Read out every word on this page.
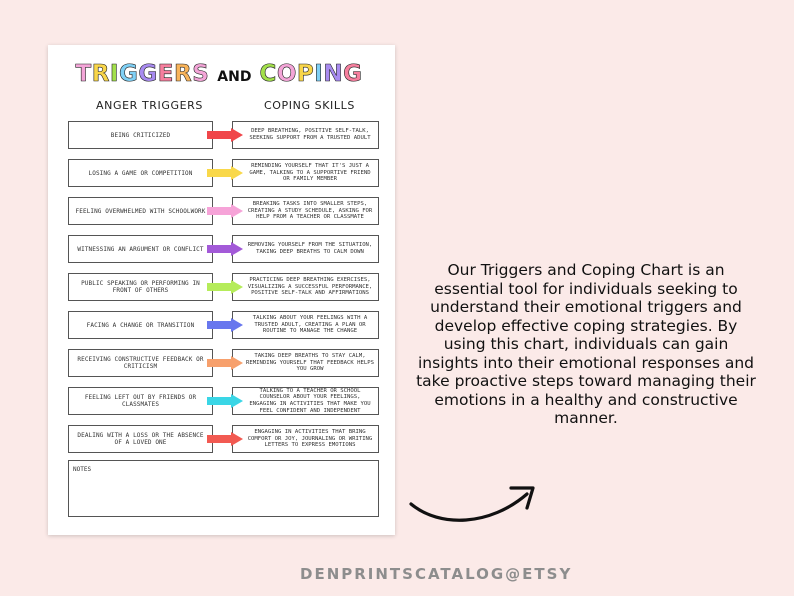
TRIGGERS AND COPING
ANGER TRIGGERS	COPING SKILLS
BEING CRITICIZED
DEEP BREATHING, POSITIVE SELF-TALK, SEEKING SUPPORT FROM A TRUSTED ADULT
LOSING A GAME OR COMPETITION
REMINDING YOURSELF THAT IT'S JUST A GAME, TALKING TO A SUPPORTIVE FRIEND OR FAMILY MEMBER
FEELING OVERWHELMED WITH SCHOOLWORK
BREAKING TASKS INTO SMALLER STEPS, CREATING A STUDY SCHEDULE, ASKING FOR HELP FROM A TEACHER OR CLASSMATE
WITNESSING AN ARGUMENT OR CONFLICT
REMOVING YOURSELF FROM THE SITUATION, TAKING DEEP BREATHS TO CALM DOWN
PUBLIC SPEAKING OR PERFORMING IN FRONT OF OTHERS
PRACTICING DEEP BREATHING EXERCISES, VISUALIZING A SUCCESSFUL PERFORMANCE, POSITIVE SELF-TALK AND AFFIRMATIONS
FACING A CHANGE OR TRANSITION
TALKING ABOUT YOUR FEELINGS WITH A TRUSTED ADULT, CREATING A PLAN OR ROUTINE TO MANAGE THE CHANGE
RECEIVING CONSTRUCTIVE FEEDBACK OR CRITICISM
TAKING DEEP BREATHS TO STAY CALM, REMINDING YOURSELF THAT FEEDBACK HELPS YOU GROW
FEELING LEFT OUT BY FRIENDS OR CLASSMATES
TALKING TO A TEACHER OR SCHOOL COUNSELOR ABOUT YOUR FEELINGS, ENGAGING IN ACTIVITIES THAT MAKE YOU FEEL CONFIDENT AND INDEPENDENT
DEALING WITH A LOSS OR THE ABSENCE OF A LOVED ONE
ENGAGING IN ACTIVITIES THAT BRING COMFORT OR JOY, JOURNALING OR WRITING LETTERS TO EXPRESS EMOTIONS
NOTES
Our Triggers and Coping Chart is an essential tool for individuals seeking to understand their emotional triggers and develop effective coping strategies. By using this chart, individuals can gain insights into their emotional responses and take proactive steps toward managing their emotions in a healthy and constructive manner.
DENPRINTSCATALOG@ETSY
